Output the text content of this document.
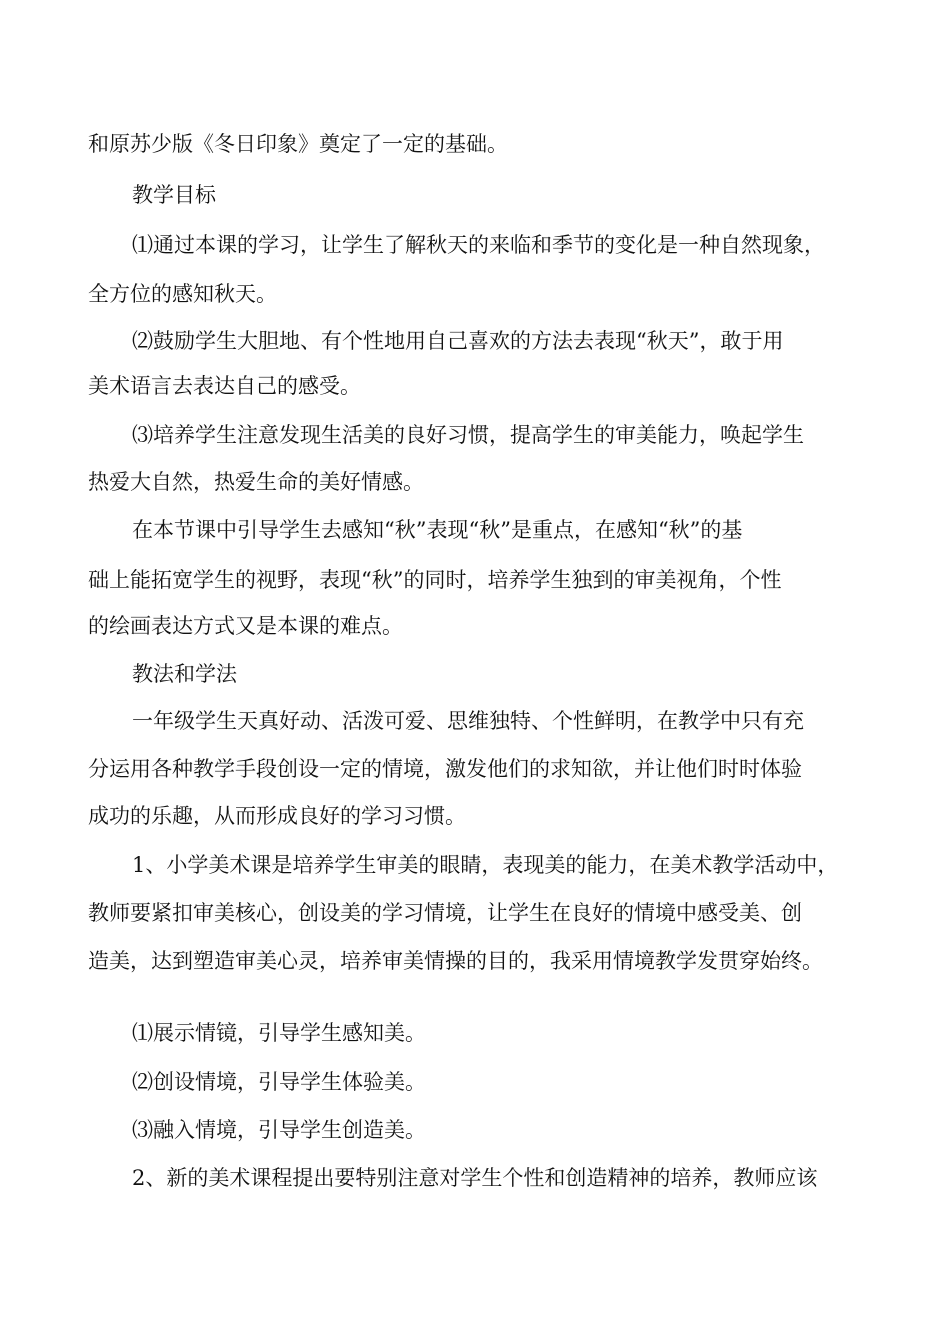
和原苏少版《冬日印象》奠定了一定的基础。
教学目标
⑴通过本课的学习，让学生了解秋天的来临和季节的变化是一种自然现象，
全方位的感知秋天。
⑵鼓励学生大胆地、有个性地用自己喜欢的方法去表现“秋天”，敢于用
美术语言去表达自己的感受。
⑶培养学生注意发现生活美的良好习惯，提高学生的审美能力，唤起学生
热爱大自然，热爱生命的美好情感。
在本节课中引导学生去感知“秋”表现“秋”是重点，在感知“秋”的基
础上能拓宽学生的视野，表现“秋”的同时，培养学生独到的审美视角，个性
的绘画表达方式又是本课的难点。
教法和学法
一年级学生天真好动、活泼可爱、思维独特、个性鲜明，在教学中只有充
分运用各种教学手段创设一定的情境，激发他们的求知欲，并让他们时时体验
成功的乐趣，从而形成良好的学习习惯。
1、小学美术课是培养学生审美的眼睛，表现美的能力，在美术教学活动中，
教师要紧扣审美核心，创设美的学习情境，让学生在良好的情境中感受美、创
造美，达到塑造审美心灵，培养审美情操的目的，我采用情境教学发贯穿始终。
⑴展示情镜，引导学生感知美。
⑵创设情境，引导学生体验美。
⑶融入情境，引导学生创造美。
2、新的美术课程提出要特别注意对学生个性和创造精神的培养，教师应该
